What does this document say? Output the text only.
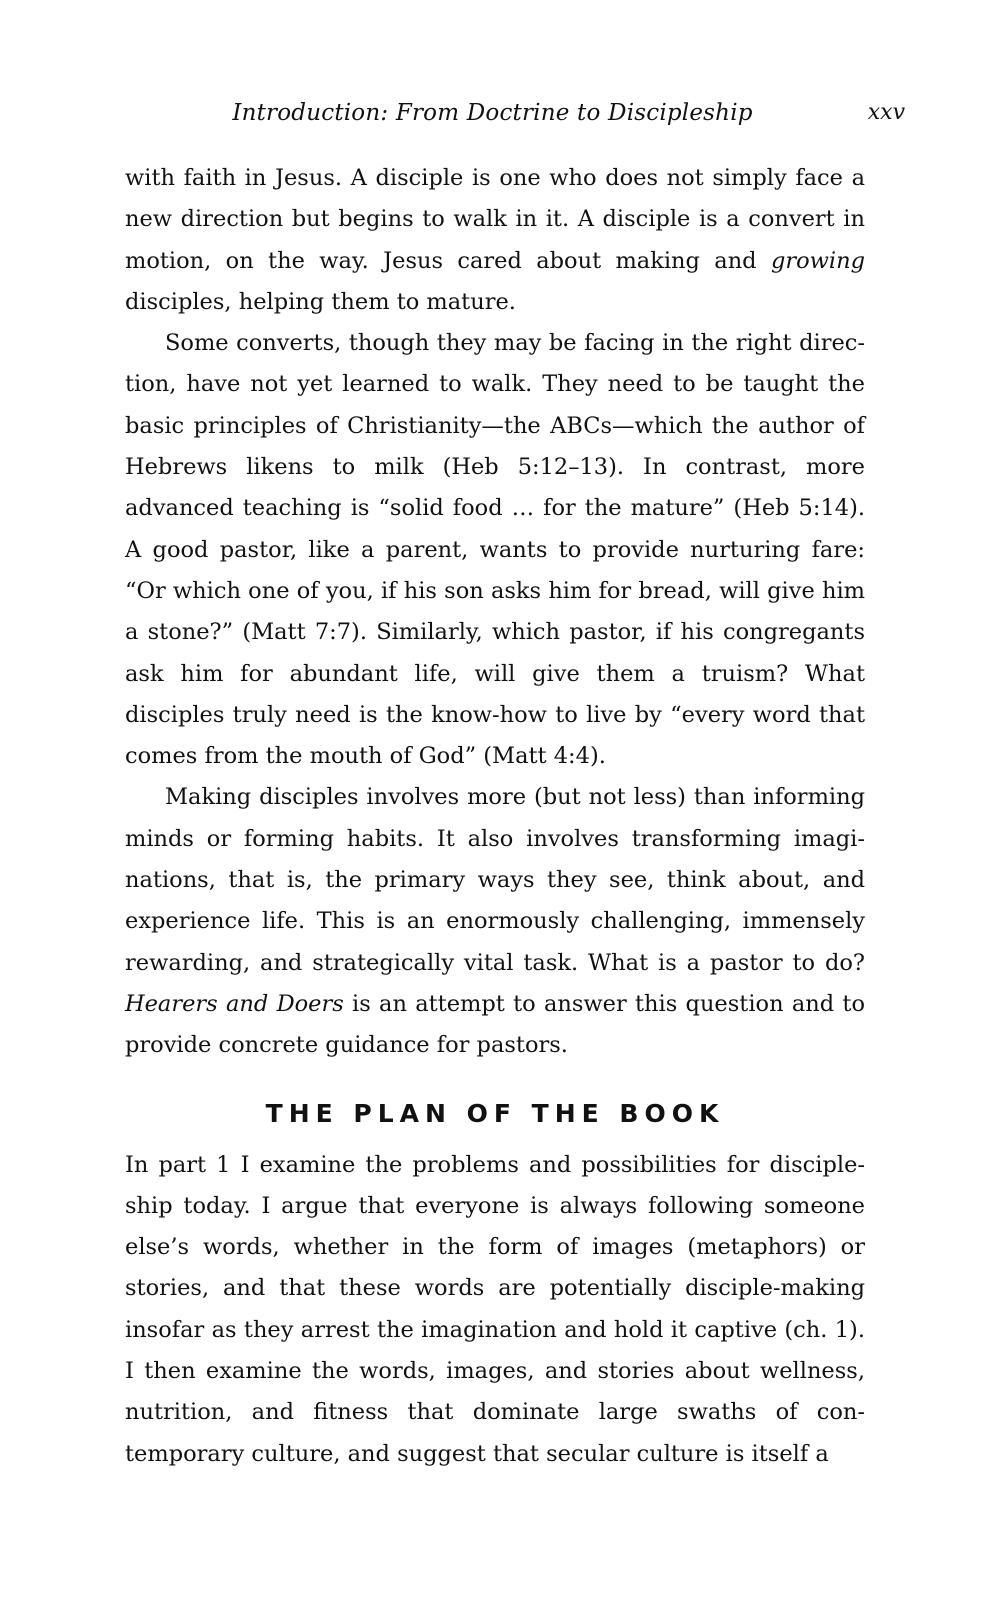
Introduction: From Doctrine to Discipleship	xxv

with faith in Jesus. A disciple is one who does not simply face a new direction but begins to walk in it. A disciple is a convert in motion, on the way. Jesus cared about making and growing disciples, helping them to mature.

Some converts, though they may be facing in the right direction, have not yet learned to walk. They need to be taught the basic principles of Christianity—the ABCs—which the author of Hebrews likens to milk (Heb 5:12–13). In contrast, more advanced teaching is “solid food … for the mature” (Heb 5:14). A good pastor, like a parent, wants to provide nurturing fare: “Or which one of you, if his son asks him for bread, will give him a stone?” (Matt 7:7). Similarly, which pastor, if his congregants ask him for abundant life, will give them a truism? What disciples truly need is the know-how to live by “every word that comes from the mouth of God” (Matt 4:4).

Making disciples involves more (but not less) than informing minds or forming habits. It also involves transforming imaginations, that is, the primary ways they see, think about, and experience life. This is an enormously challenging, immensely rewarding, and strategically vital task. What is a pastor to do? Hearers and Doers is an attempt to answer this question and to provide concrete guidance for pastors.

THE PLAN OF THE BOOK

In part 1 I examine the problems and possibilities for discipleship today. I argue that everyone is always following someone else’s words, whether in the form of images (metaphors) or stories, and that these words are potentially disciple-making insofar as they arrest the imagination and hold it captive (ch. 1). I then examine the words, images, and stories about wellness, nutrition, and fitness that dominate large swaths of contemporary culture, and suggest that secular culture is itself a
